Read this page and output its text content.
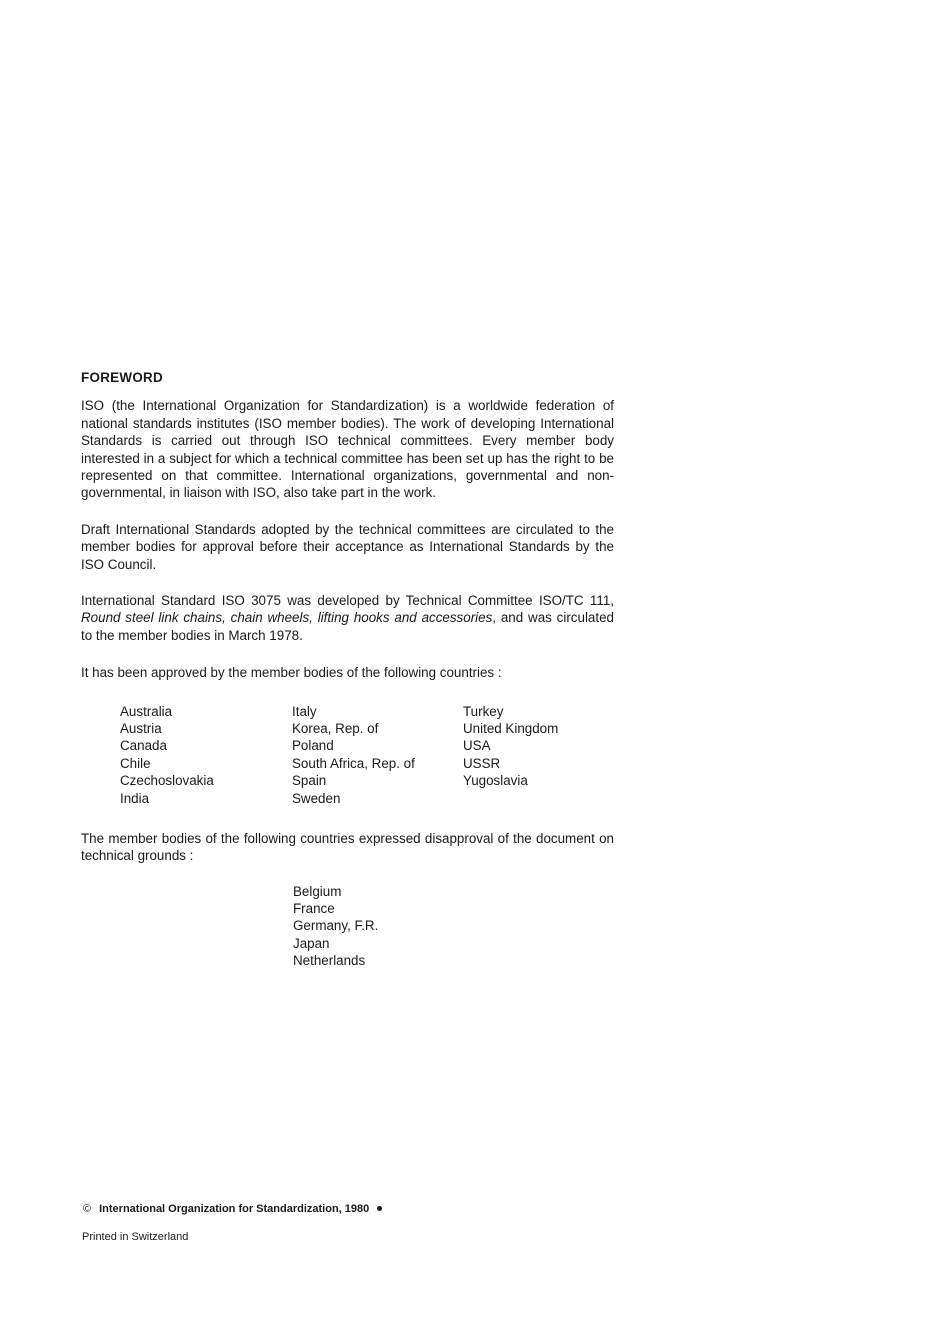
FOREWORD

ISO (the International Organization for Standardization) is a worldwide federation of national standards institutes (ISO member bodies). The work of developing International Standards is carried out through ISO technical committees. Every member body interested in a subject for which a technical committee has been set up has the right to be represented on that committee. International organizations, governmental and non-governmental, in liaison with ISO, also take part in the work.

Draft International Standards adopted by the technical committees are circulated to the member bodies for approval before their acceptance as International Standards by the ISO Council.

International Standard ISO 3075 was developed by Technical Committee ISO/TC 111, Round steel link chains, chain wheels, lifting hooks and accessories, and was circulated to the member bodies in March 1978.

It has been approved by the member bodies of the following countries :

Australia
Austria
Canada
Chile
Czechoslovakia
India
Italy
Korea, Rep. of
Poland
South Africa, Rep. of
Spain
Sweden
Turkey
United Kingdom
USA
USSR
Yugoslavia

The member bodies of the following countries expressed disapproval of the document on technical grounds :

Belgium
France
Germany, F.R.
Japan
Netherlands
© International Organization for Standardization, 1980
Printed in Switzerland
